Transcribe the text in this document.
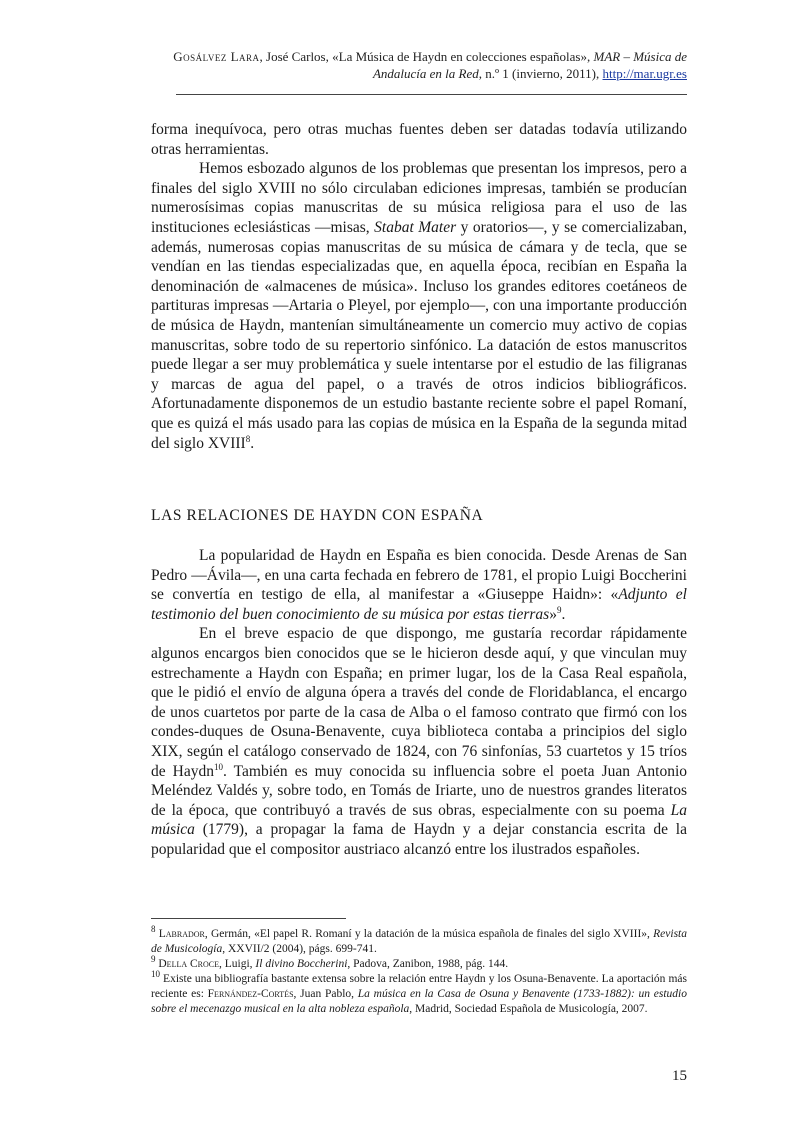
Gosálvez Lara, José Carlos, «La Música de Haydn en colecciones españolas», MAR – Música de Andalucía en la Red, n.º 1 (invierno, 2011), http://mar.ugr.es

forma inequívoca, pero otras muchas fuentes deben ser datadas todavía utilizando otras herramientas.

Hemos esbozado algunos de los problemas que presentan los impresos, pero a finales del siglo XVIII no sólo circulaban ediciones impresas, también se producían numerosísimas copias manuscritas de su música religiosa para el uso de las instituciones eclesiásticas —misas, Stabat Mater y oratorios—, y se comercializaban, además, numerosas copias manuscritas de su música de cámara y de tecla, que se vendían en las tiendas especializadas que, en aquella época, recibían en España la denominación de «almacenes de música». Incluso los grandes editores coetáneos de partituras impresas —Artaria o Pleyel, por ejemplo—, con una importante producción de música de Haydn, mantenían simultáneamente un comercio muy activo de copias manuscritas, sobre todo de su repertorio sinfónico. La datación de estos manuscritos puede llegar a ser muy problemática y suele intentarse por el estudio de las filigranas y marcas de agua del papel, o a través de otros indicios bibliográficos. Afortunadamente disponemos de un estudio bastante reciente sobre el papel Romaní, que es quizá el más usado para las copias de música en la España de la segunda mitad del siglo XVIII$^8$.

LAS RELACIONES DE HAYDN CON ESPAÑA

La popularidad de Haydn en España es bien conocida. Desde Arenas de San Pedro —Ávila—, en una carta fechada en febrero de 1781, el propio Luigi Boccherini se convertía en testigo de ella, al manifestar a «Giuseppe Haidn»: «Adjunto el testimonio del buen conocimiento de su música por estas tierras»$^9$.

En el breve espacio de que dispongo, me gustaría recordar rápidamente algunos encargos bien conocidos que se le hicieron desde aquí, y que vinculan muy estrechamente a Haydn con España; en primer lugar, los de la Casa Real española, que le pidió el envío de alguna ópera a través del conde de Floridablanca, el encargo de unos cuartetos por parte de la casa de Alba o el famoso contrato que firmó con los condes-duques de Osuna-Benavente, cuya biblioteca contaba a principios del siglo XIX, según el catálogo conservado de 1824, con 76 sinfonías, 53 cuartetos y 15 tríos de Haydn$^{10}$. También es muy conocida su influencia sobre el poeta Juan Antonio Meléndez Valdés y, sobre todo, en Tomás de Iriarte, uno de nuestros grandes literatos de la época, que contribuyó a través de sus obras, especialmente con su poema La música (1779), a propagar la fama de Haydn y a dejar constancia escrita de la popularidad que el compositor austriaco alcanzó entre los ilustrados españoles.

$^8$ Labrador, Germán, «El papel R. Romaní y la datación de la música española de finales del siglo XVIII», Revista de Musicología, XXVII/2 (2004), págs. 699-741.

$^9$ Della Croce, Luigi, Il divino Boccherini, Padova, Zanibon, 1988, pág. 144.

$^{10}$ Existe una bibliografía bastante extensa sobre la relación entre Haydn y los Osuna-Benavente. La aportación más reciente es: Fernández-Cortés, Juan Pablo, La música en la Casa de Osuna y Benavente (1733-1882): un estudio sobre el mecenazgo musical en la alta nobleza española, Madrid, Sociedad Española de Musicología, 2007.

15
